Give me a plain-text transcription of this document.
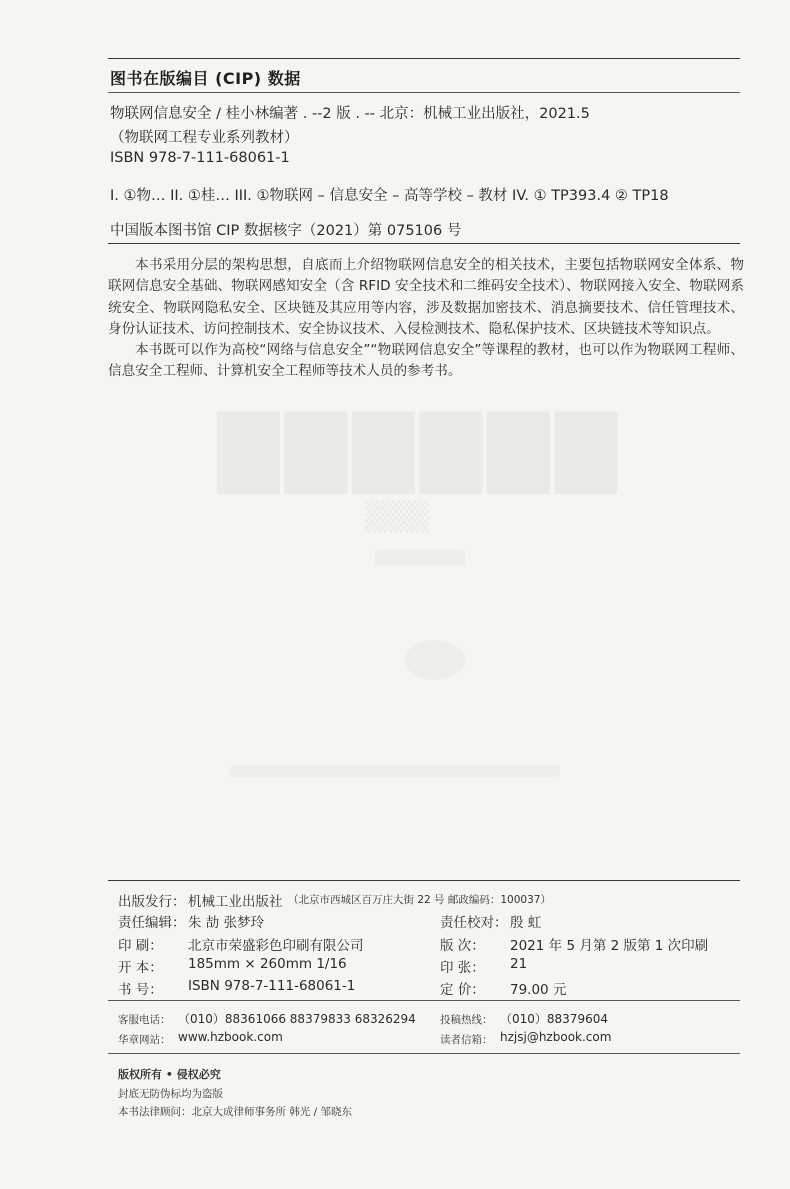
▇▇▇▇▇▇
▒▒▒
图书在版编目 (CIP) 数据
物联网信息安全 / 桂小林编著 . --2 版 . -- 北京：机械工业出版社，2021.5
（物联网工程专业系列教材）
ISBN 978-7-111-68061-1
I. ①物… II. ①桂… III. ①物联网 – 信息安全 – 高等学校 – 教材 IV. ① TP393.4 ② TP18
中国版本图书馆 CIP 数据核字（2021）第 075106 号

本书采用分层的架构思想，自底而上介绍物联网信息安全的相关技术，主要包括物联网安全体系、物联网信息安全基础、物联网感知安全（含 RFID 安全技术和二维码安全技术）、物联网接入安全、物联网系统安全、物联网隐私安全、区块链及其应用等内容，涉及数据加密技术、消息摘要技术、信任管理技术、身份认证技术、访问控制技术、安全协议技术、入侵检测技术、隐私保护技术、区块链技术等知识点。

本书既可以作为高校“网络与信息安全”“物联网信息安全”等课程的教材，也可以作为物联网工程师、信息安全工程师、计算机安全工程师等技术人员的参考书。

出版发行： 机械工业出版社 （北京市西城区百万庄大街 22 号 邮政编码：100037）
责任编辑： 朱 劼 张梦玲	责任校对： 殷 虹
印 刷： 北京市荣盛彩色印刷有限公司	版 次： 2021 年 5 月第 2 版第 1 次印刷
开 本： 185mm × 260mm 1/16	印 张： 21
书 号： ISBN 978-7-111-68061-1	定 价： 79.00 元
客服电话： （010）88361066 88379833 68326294 投稿热线： （010）88379604
华章网站： www.hzbook.com	读者信箱： hzjsj@hzbook.com
版权所有 • 侵权必究
封底无防伪标均为盗版
本书法律顾问：北京大成律师事务所 韩光 / 邹晓东
